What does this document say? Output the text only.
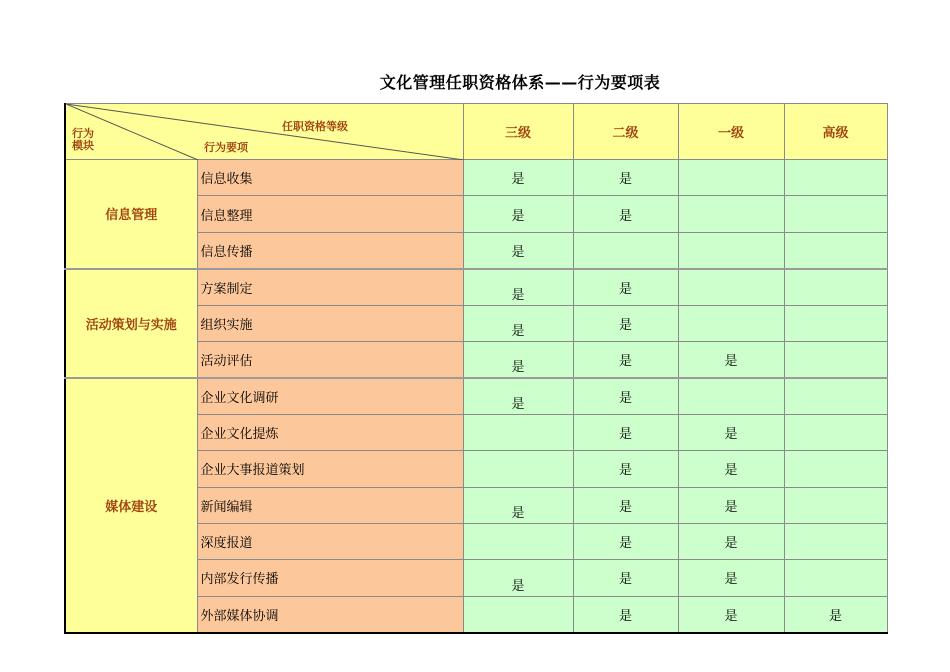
文化管理任职资格体系——行为要项表
任职资格等级
行为要项
行为
模块		三级	二级	一级	高级
信息管理	信息收集	是	是		
	信息整理	是	是		
	信息传播	是			
活动策划与实施	方案制定	是	是		
	组织实施	是	是		
	活动评估	是	是	是	
媒体建设	企业文化调研	是	是		
	企业文化提炼		是	是	
	企业大事报道策划		是	是	
	新闻编辑	是	是	是	
	深度报道		是	是	
	内部发行传播	是	是	是	
	外部媒体协调		是	是	是
